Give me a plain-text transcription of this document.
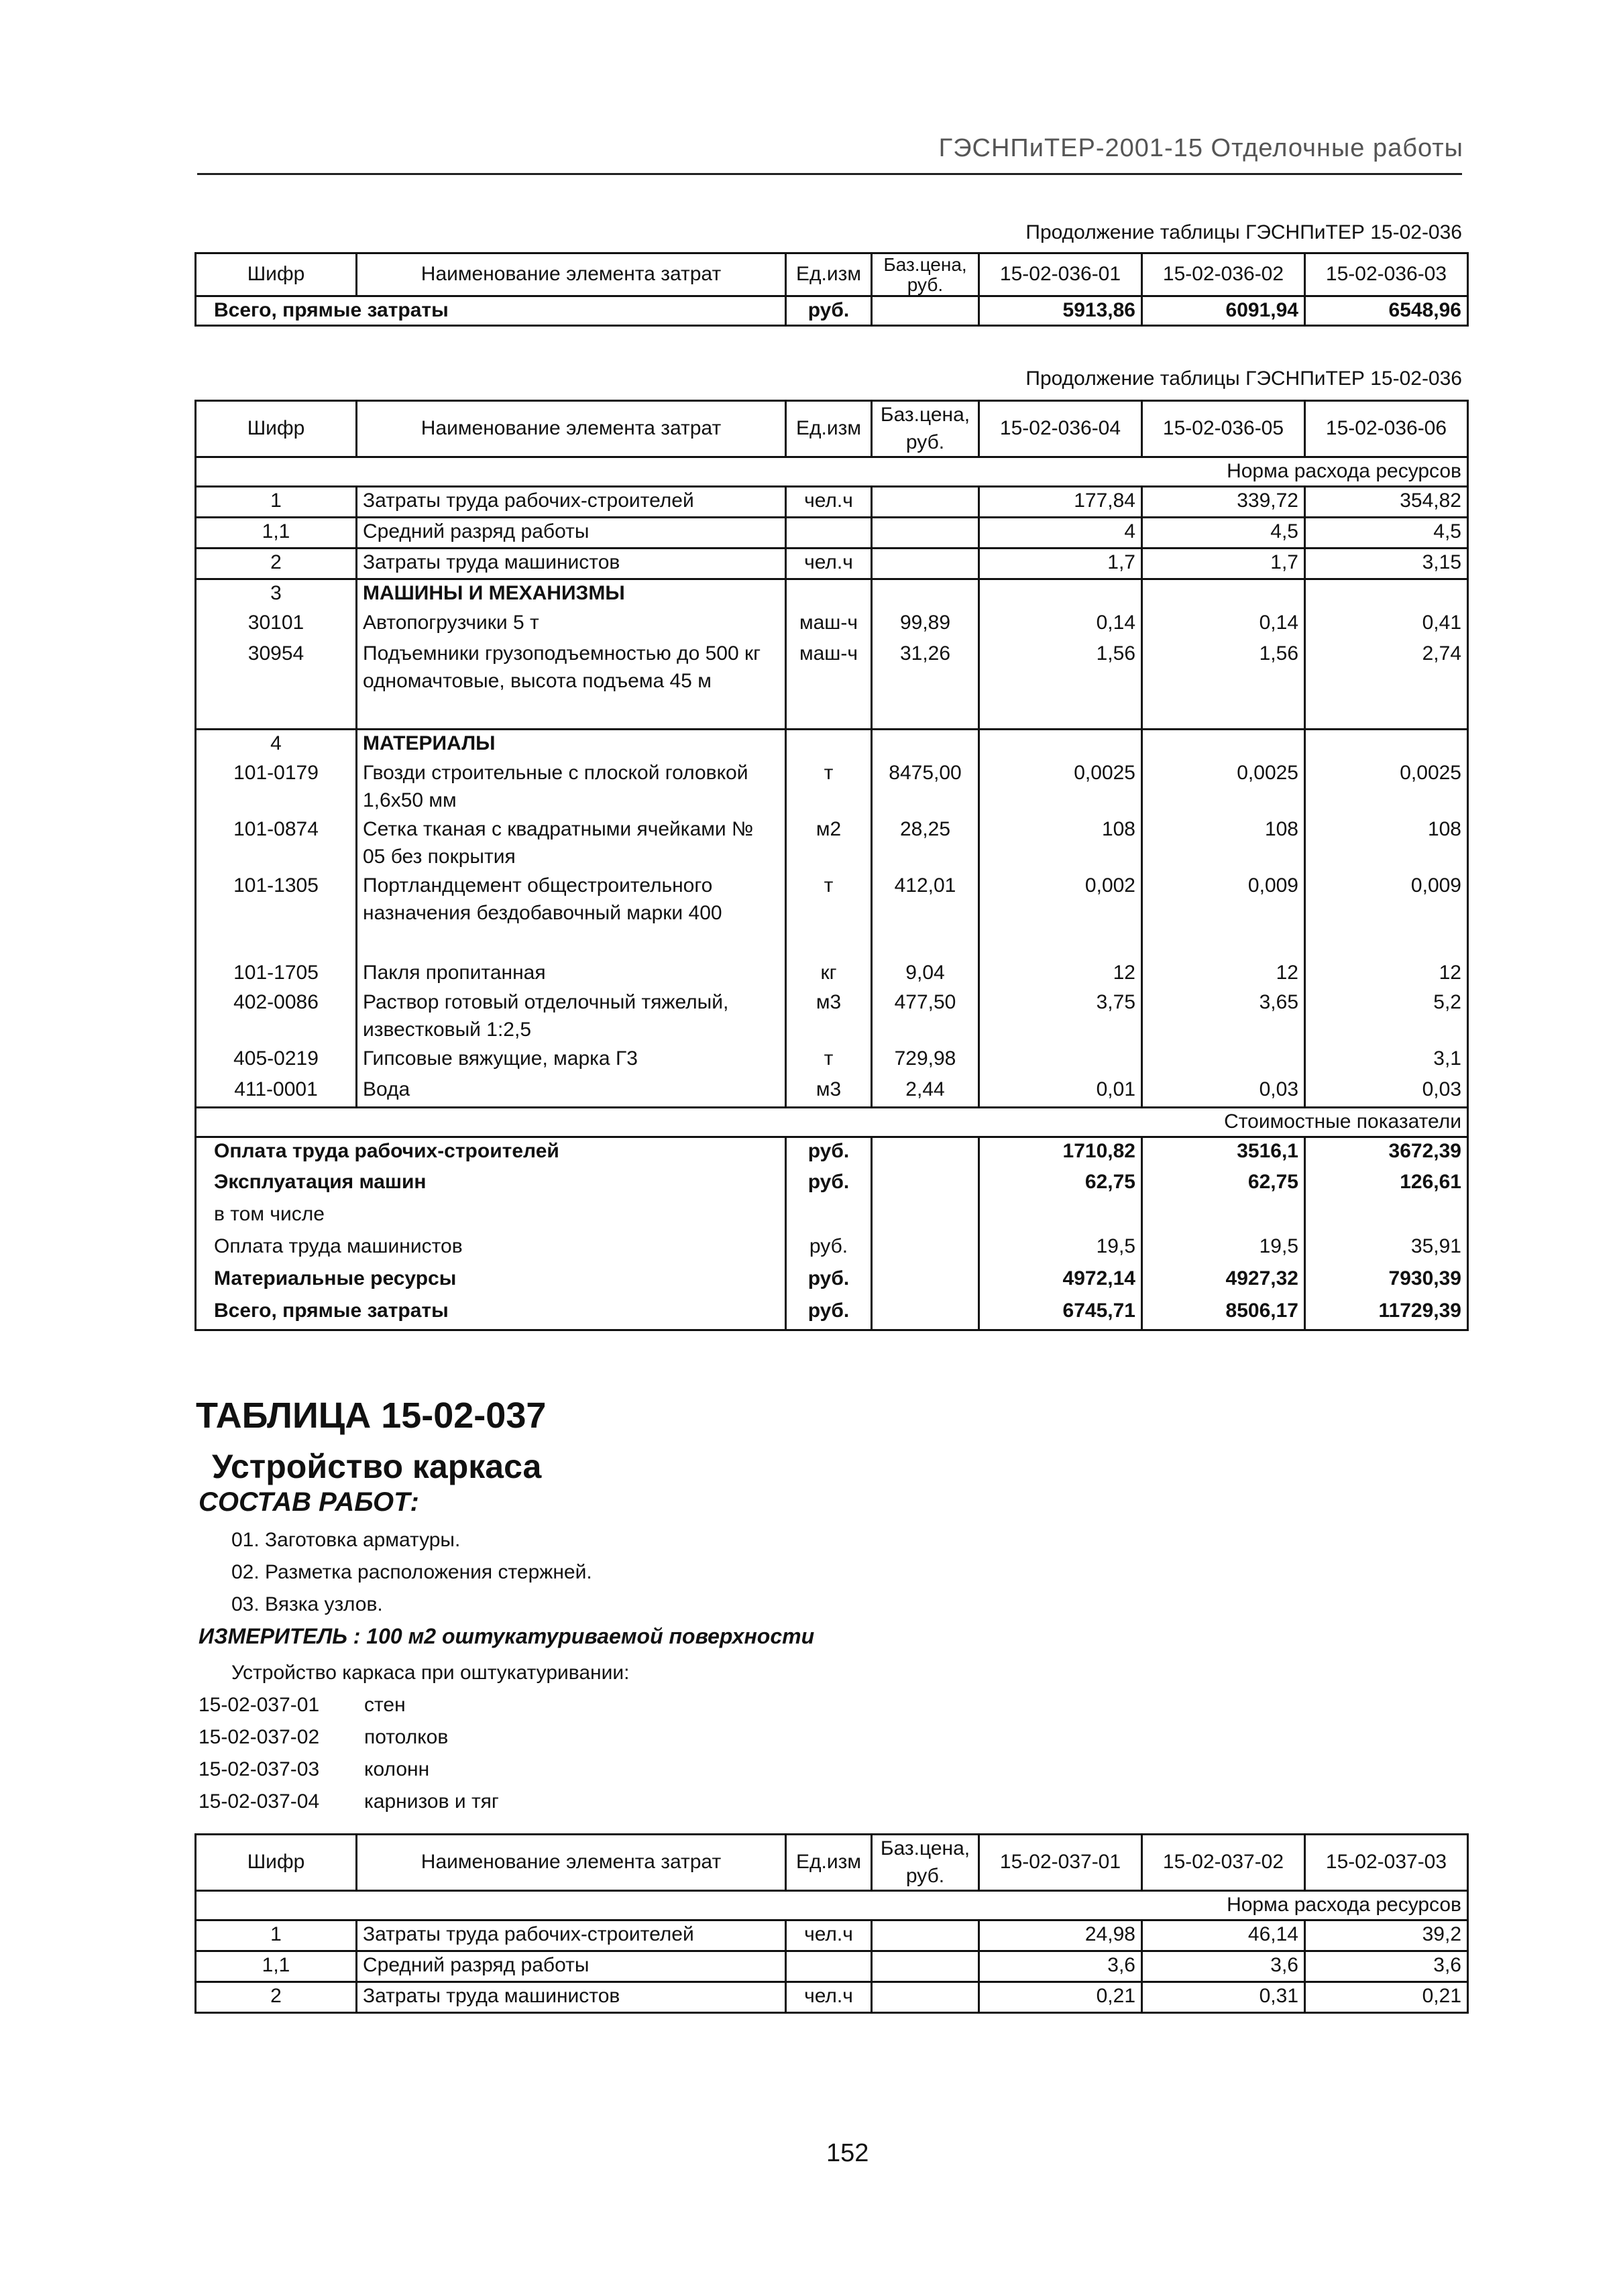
ГЭСНПиТЕР-2001-15 Отделочные работы
Продолжение таблицы ГЭСНПиТЕР 15-02-036
Шифр	Наименование элемента затрат	Ед.изм	Баз.цена, руб.	15-02-036-01	15-02-036-02	15-02-036-03
Всего, прямые затраты		руб.		5913,86	6091,94	6548,96
Продолжение таблицы ГЭСНПиТЕР 15-02-036
Шифр	Наименование элемента затрат	Ед.изм	Баз.цена, руб.	15-02-036-04	15-02-036-05	15-02-036-06
Норма расхода ресурсов						
1	Затраты труда рабочих-строителей	чел.ч		177,84	339,72	354,82
1,1	Средний разряд работы			4	4,5	4,5
2	Затраты труда машинистов	чел.ч		1,7	1,7	3,15
3	МАШИНЫ И МЕХАНИЗМЫ					
30101	Автопогрузчики 5 т	маш-ч	99,89	0,14	0,14	0,41
30954	Подъемники грузоподъемностью до 500 кг одномачтовые, высота подъема 45 м	маш-ч	31,26	1,56	1,56	2,74
4	МАТЕРИАЛЫ					
101-0179	Гвозди строительные с плоской головкой 1,6х50 мм	т	8475,00	0,0025	0,0025	0,0025
101-0874	Сетка тканая с квадратными ячейками № 05 без покрытия	м2	28,25	108	108	108
101-1305	Портландцемент общестроительного назначения бездобавочный марки 400	т	412,01	0,002	0,009	0,009
101-1705	Пакля пропитанная	кг	9,04	12	12	12
402-0086	Раствор готовый отделочный тяжелый, известковый 1:2,5	м3	477,50	3,75	3,65	5,2
405-0219	Гипсовые вяжущие, марка Г3	т	729,98			3,1
411-0001	Вода	м3	2,44	0,01	0,03	0,03
Стоимостные показатели						
Оплата труда рабочих-строителей		руб.		1710,82	3516,1	3672,39
Эксплуатация машин		руб.		62,75	62,75	126,61
в том числе						
Оплата труда машинистов		руб.		19,5	19,5	35,91
Материальные ресурсы		руб.		4972,14	4927,32	7930,39
Всего, прямые затраты		руб.		6745,71	8506,17	11729,39
ТАБЛИЦА 15-02-037
Устройство каркаса
СОСТАВ РАБОТ:
01. Заготовка арматуры.
02. Разметка расположения стержней.
03. Вязка узлов.
ИЗМЕРИТЕЛЬ : 100 м2 оштукатуриваемой поверхности
Устройство каркаса при оштукатуривании:
15-02-037-01 стен
15-02-037-02 потолков
15-02-037-03 колонн
15-02-037-04 карнизов и тяг
Шифр	Наименование элемента затрат	Ед.изм	Баз.цена, руб.	15-02-037-01	15-02-037-02	15-02-037-03
Норма расхода ресурсов						
1	Затраты труда рабочих-строителей	чел.ч		24,98	46,14	39,2
1,1	Средний разряд работы			3,6	3,6	3,6
2	Затраты труда машинистов	чел.ч		0,21	0,31	0,21
152
